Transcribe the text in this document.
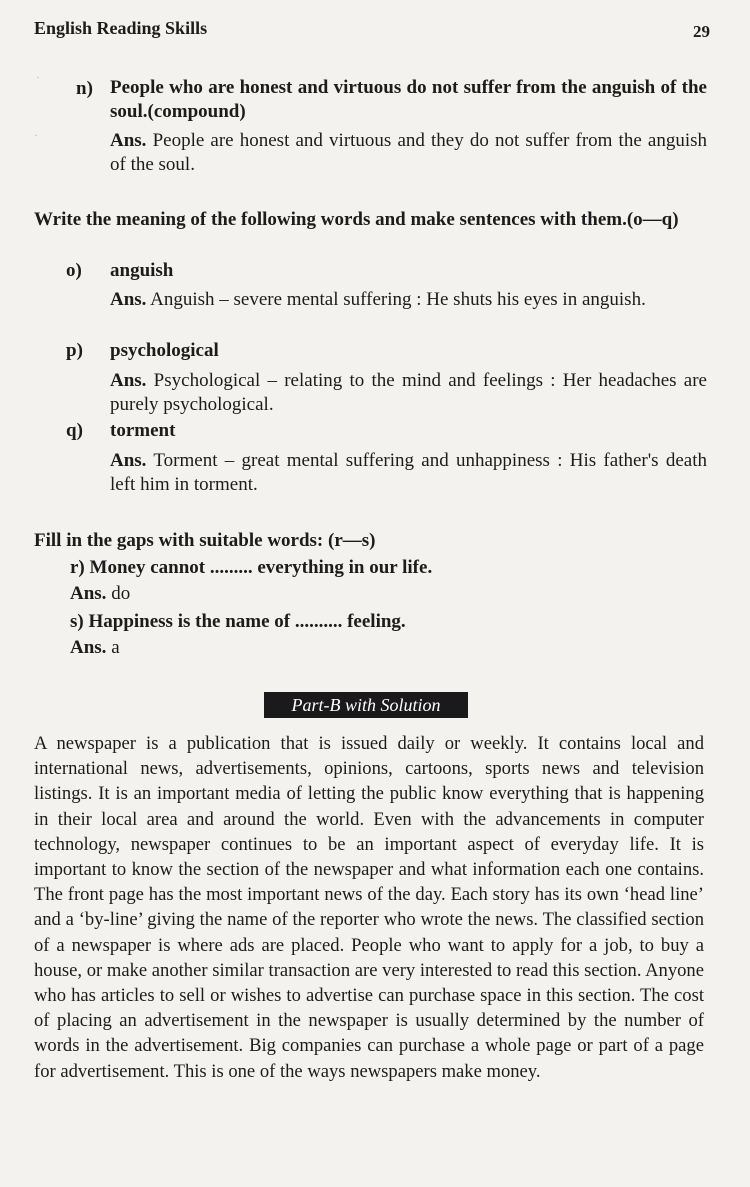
English Reading Skills	29
·
·
n) People who are honest and virtuous do not suffer from the anguish of the soul.(compound)
Ans. People are honest and virtuous and they do not suffer from the anguish of the soul.
Write the meaning of the following words and make sentences with them.(o—q)
o) anguish
Ans. Anguish – severe mental suffering : He shuts his eyes in anguish.
p) psychological
Ans. Psychological – relating to the mind and feelings : Her headaches are purely psychological.
q) torment
Ans. Torment – great mental suffering and unhappiness : His father's death left him in torment.
Fill in the gaps with suitable words: (r—s)
r) Money cannot ......... everything in our life.
Ans. do
s) Happiness is the name of .......... feeling.
Ans. a
Part-B with Solution
A newspaper is a publication that is issued daily or weekly. It contains local and international news, advertisements, opinions, cartoons, sports news and television listings. It is an important media of letting the public know everything that is happening in their local area and around the world. Even with the advancements in computer technology, newspaper continues to be an important aspect of everyday life. It is important to know the section of the newspaper and what information each one contains. The front page has the most important news of the day. Each story has its own ‘head line’ and a ‘by-line’ giving the name of the reporter who wrote the news. The classified section of a newspaper is where ads are placed. People who want to apply for a job, to buy a house, or make another similar transaction are very interested to read this section. Anyone who has articles to sell or wishes to advertise can purchase space in this section. The cost of placing an advertisement in the newspaper is usually determined by the number of words in the advertisement. Big companies can purchase a whole page or part of a page for advertisement. This is one of the ways newspapers make money.
